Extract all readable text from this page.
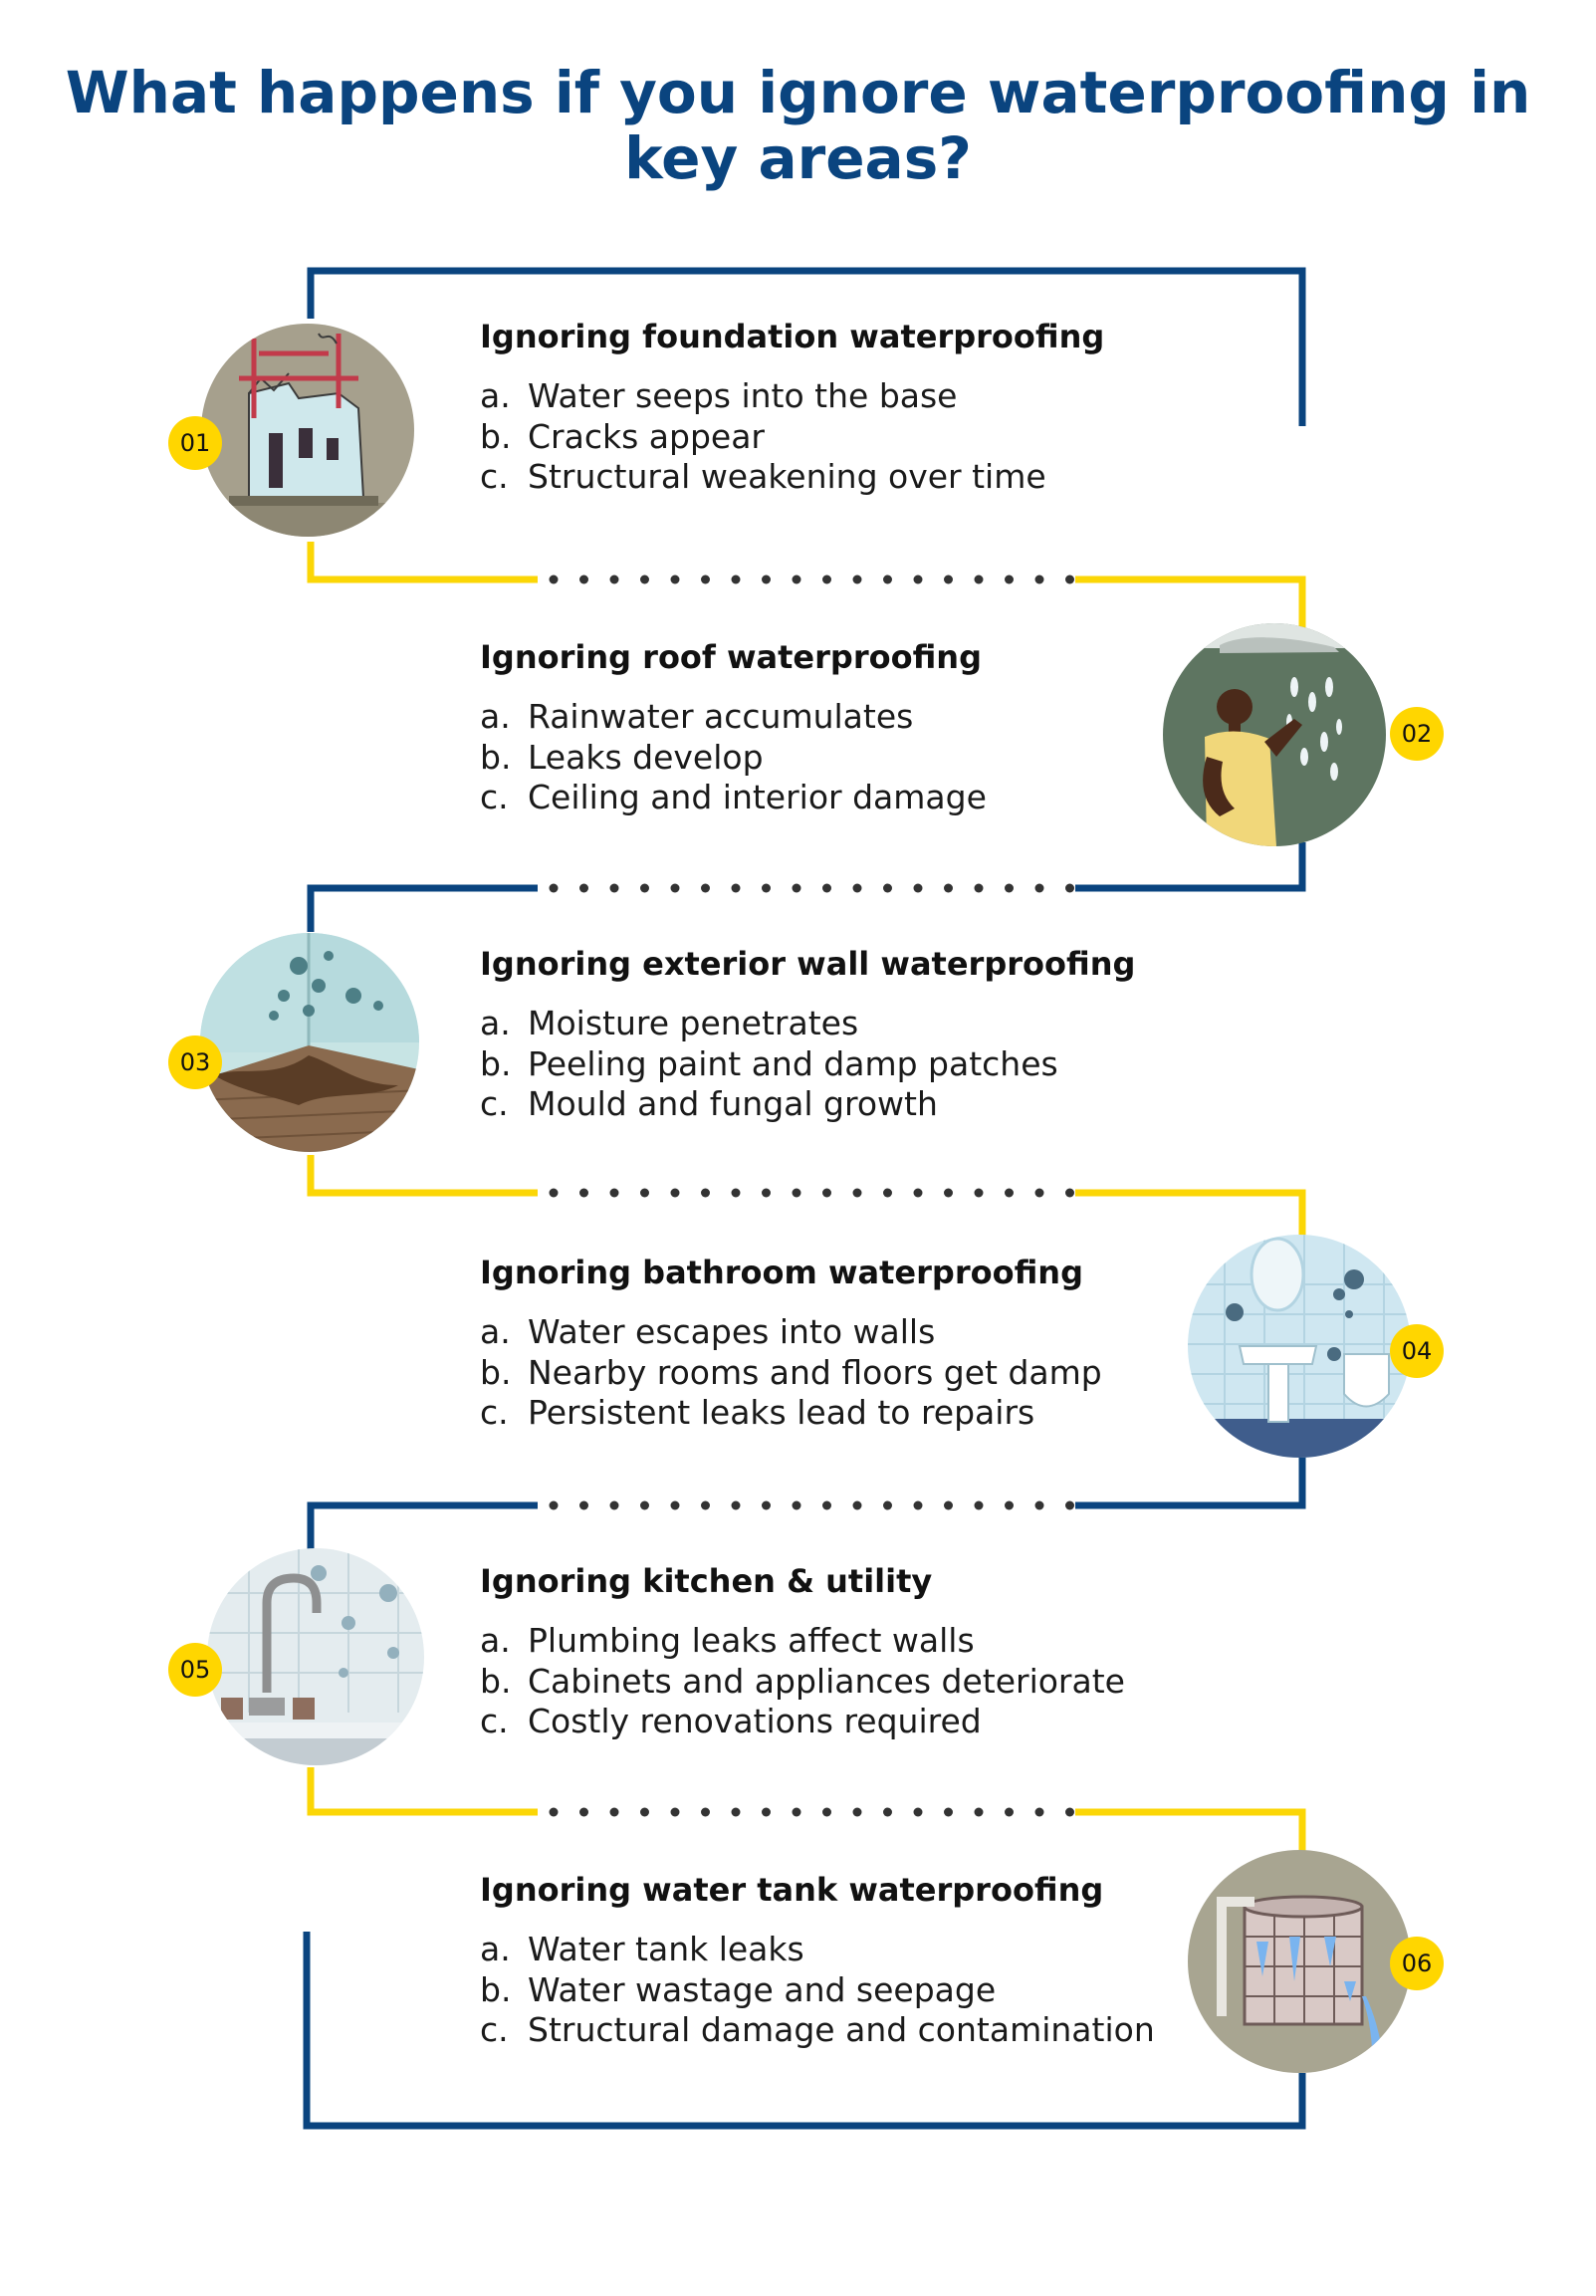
What happens if you ignore waterproofing in key areas?
Ignoring foundation waterproofing
a. Water seeps into the base
b. Cracks appear
c. Structural weakening over time
Ignoring roof waterproofing
a. Rainwater accumulates
b. Leaks develop
c. Ceiling and interior damage
Ignoring exterior wall waterproofing
a. Moisture penetrates
b. Peeling paint and damp patches
c. Mould and fungal growth
Ignoring bathroom waterproofing
a. Water escapes into walls
b. Nearby rooms and floors get damp
c. Persistent leaks lead to repairs
Ignoring kitchen & utility
a. Plumbing leaks affect walls
b. Cabinets and appliances deteriorate
c. Costly renovations required
Ignoring water tank waterproofing
a. Water tank leaks
b. Water wastage and seepage
c. Structural damage and contamination
01
02
03
04
05
06
